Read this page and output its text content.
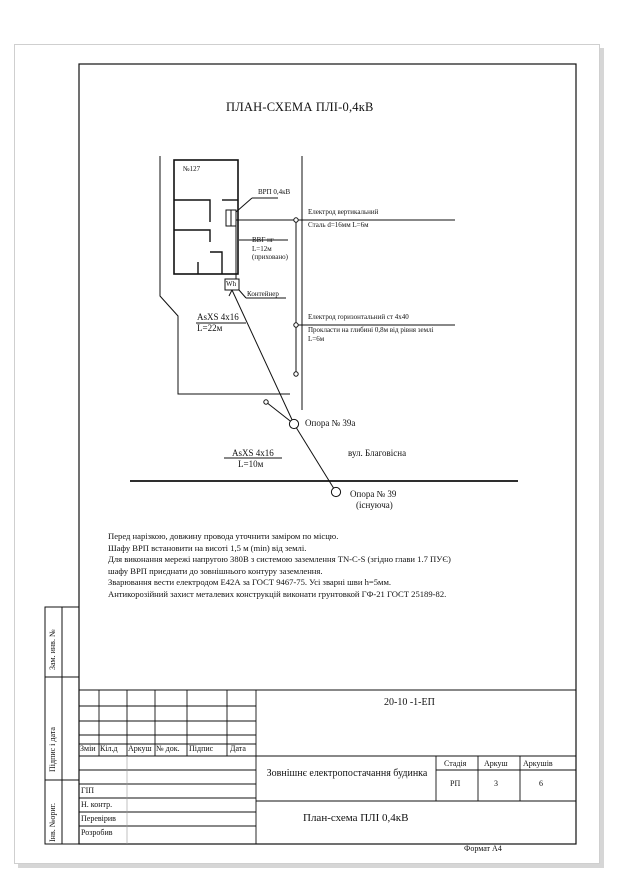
ПЛАН-СХЕМА ПЛІ-0,4кВ
№127
ВРП 0,4кВ
ВВГ нг
L=12м
(приховано)
Wh
Контейнер
Електрод вертикальний
Сталь d=16мм L=6м
Електрод горизонтальний ст 4х40
Прокласти на глибині 0,8м від рівня землі
L=6м
AsXS 4x16
L=22м
Опора № 39а
AsXS 4x16
L=10м
вул. Благовісна
Опора № 39
(існуюча)
Перед нарізкою, довжину провода уточнити заміром по місцю.
Шафу ВРП встановити на висоті 1,5 м (min) від землі.
Для виконання мережі напругою 380В з системою заземлення TN-C-S (згідно глави 1.7 ПУЄ)
шафу ВРП приєднати до зовнішнього контуру заземлення.
Зварювання вести електродом Е42А за ГОСТ 9467-75. Усі зварні шви h=5мм.
Антикорозійний захист металевих конструкцій виконати грунтовкой ГФ-21 ГОСТ 25189-82.
Зам. инв. №
Підпис і дата
Інв. №ориг.
20-10 -1-ЕП
Зміи Кіл.д Аркуш № док. Підпис Дата
ГІП
Н. контр.
Перевірив
Розробив
Зовнішнє електропостачання будинка
Стадія Аркуш Аркушів
РП	3	6
План-схема ПЛІ 0,4кВ
Формат А4
